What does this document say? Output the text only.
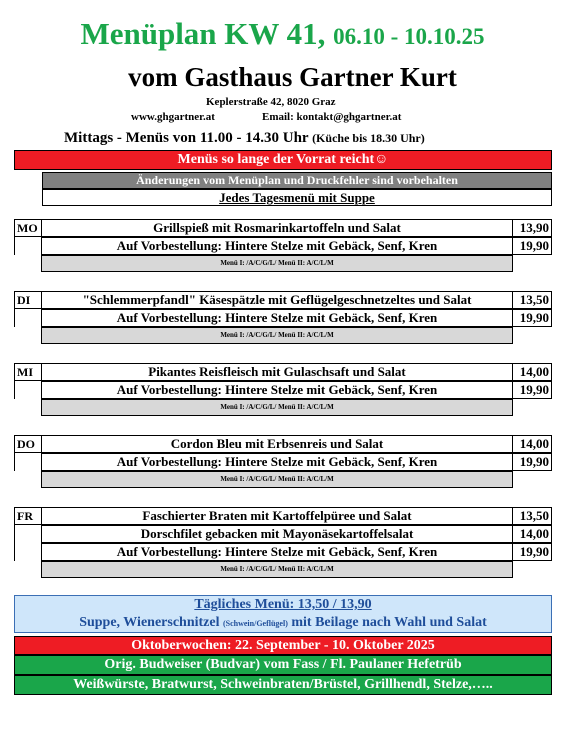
Menüplan KW 41, 06.10 - 10.10.25
vom Gasthaus Gartner Kurt
Keplerstraße 42, 8020 Graz
www.ghgartner.at	Email: kontakt@ghgartner.at
Mittags - Menüs von 11.00 - 14.30 Uhr (Küche bis 18.30 Uhr)
Menüs so lange der Vorrat reicht☺
Änderungen vom Menüplan und Druckfehler sind vorbehalten
Jedes Tagesmenü mit Suppe
MO	Grillspieß mit Rosmarinkartoffeln und Salat	13,90
Auf Vorbestellung: Hintere Stelze mit Gebäck, Senf, Kren	19,90
Menü I: /A/C/G/L/ Menü II: A/C/L/M
DI	"Schlemmerpfandl" Käsespätzle mit Geflügelgeschnetzeltes und Salat	13,50
Auf Vorbestellung: Hintere Stelze mit Gebäck, Senf, Kren	19,90
Menü I: /A/C/G/L/ Menü II: A/C/L/M
MI	Pikantes Reisfleisch mit Gulaschsaft und Salat	14,00
Auf Vorbestellung: Hintere Stelze mit Gebäck, Senf, Kren	19,90
Menü I: /A/C/G/L/ Menü II: A/C/L/M
DO	Cordon Bleu mit Erbsenreis und Salat	14,00
Auf Vorbestellung: Hintere Stelze mit Gebäck, Senf, Kren	19,90
Menü I: /A/C/G/L/ Menü II: A/C/L/M
FR	Faschierter Braten mit Kartoffelpüree und Salat	13,50
Dorschfilet gebacken mit Mayonäsekartoffelsalat	14,00
Auf Vorbestellung: Hintere Stelze mit Gebäck, Senf, Kren	19,90
Menü I: /A/C/G/L/ Menü II: A/C/L/M
Tägliches Menü: 13,50 / 13,90
Suppe, Wienerschnitzel (Schwein/Geflügel) mit Beilage nach Wahl und Salat
Oktoberwochen: 22. September - 10. Oktober 2025
Orig. Budweiser (Budvar) vom Fass / Fl. Paulaner Hefetrüb
Weißwürste, Bratwurst, Schweinbraten/Brüstel, Grillhendl, Stelze,…..
